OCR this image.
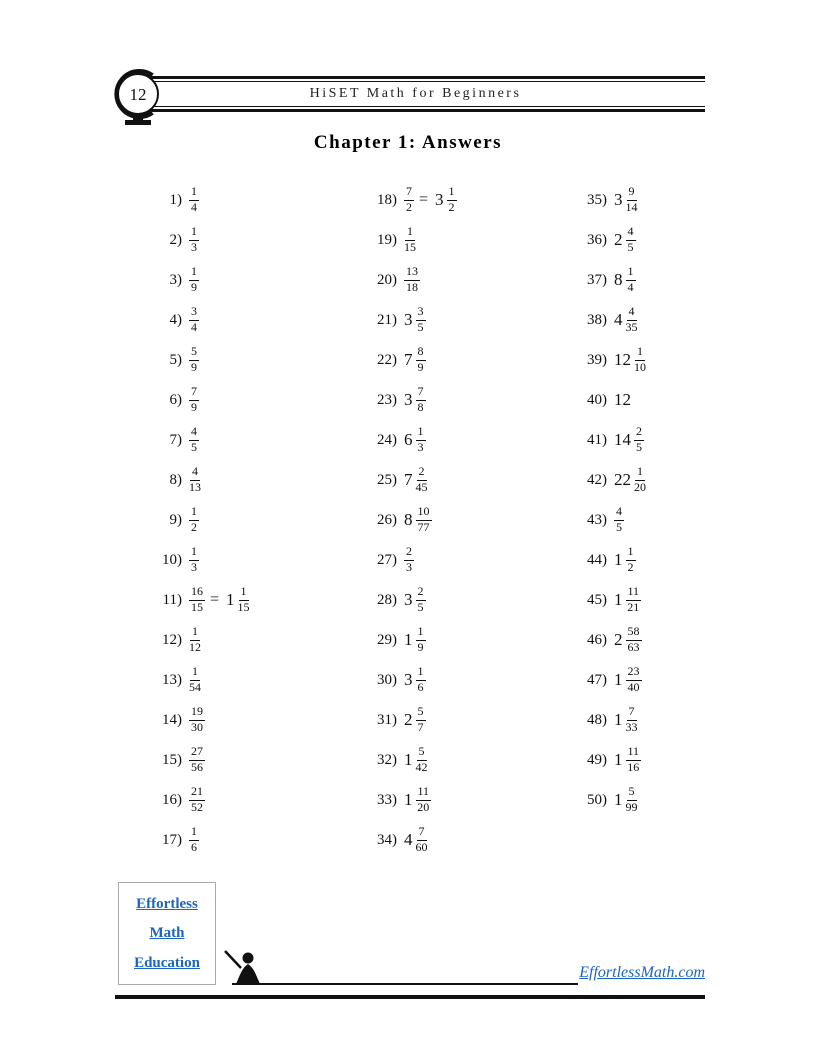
HiSET Math for Beginners
12
Chapter 1: Answers
$1) \frac{1}{4}$
$2) \frac{1}{3}$
$3) \frac{1}{9}$
$4) \frac{3}{4}$
$5) \frac{5}{9}$
$6) \frac{7}{9}$
$7) \frac{4}{5}$
$8) \frac{4}{13}$
$9) \frac{1}{2}$
$10) \frac{1}{3}$
$11) \frac{16}{15} = 1 \frac{1}{15}$
$12) \frac{1}{12}$
$13) \frac{1}{54}$
$14) \frac{19}{30}$
$15) \frac{27}{56}$
$16) \frac{21}{52}$
$17) \frac{1}{6}$
$18) \frac{7}{2} = 3 \frac{1}{2}$
$19) \frac{1}{15}$
$20) \frac{13}{18}$
21) $3 \frac{3}{5}$
22) $7 \frac{8}{9}$
23) $3 \frac{7}{8}$
24) $6 \frac{1}{3}$
25) $7 \frac{2}{45}$
26) $8 \frac{10}{77}$
$27) \frac{2}{3}$
28) $3 \frac{2}{5}$
29) $1 \frac{1}{9}$
30) $3 \frac{1}{6}$
31) $2 \frac{5}{7}$
32) $1 \frac{5}{42}$
33) $1 \frac{11}{20}$
34) $4 \frac{7}{60}$
35) $3 \frac{9}{14}$
36) $2 \frac{4}{5}$
37) $8 \frac{1}{4}$
38) $4 \frac{4}{35}$
39) $12 \frac{1}{10}$
40) 12
41) $14 \frac{2}{5}$
42) $22 \frac{1}{20}$
$43) \frac{4}{5}$
44) $1 \frac{1}{2}$
45) $1 \frac{11}{21}$
46) $2 \frac{58}{63}$
47) $1 \frac{23}{40}$
48) $1 \frac{7}{33}$
49) $1 \frac{11}{16}$
50) $1 \frac{5}{99}$
Effortless
Math
Education
EffortlessMath.com
